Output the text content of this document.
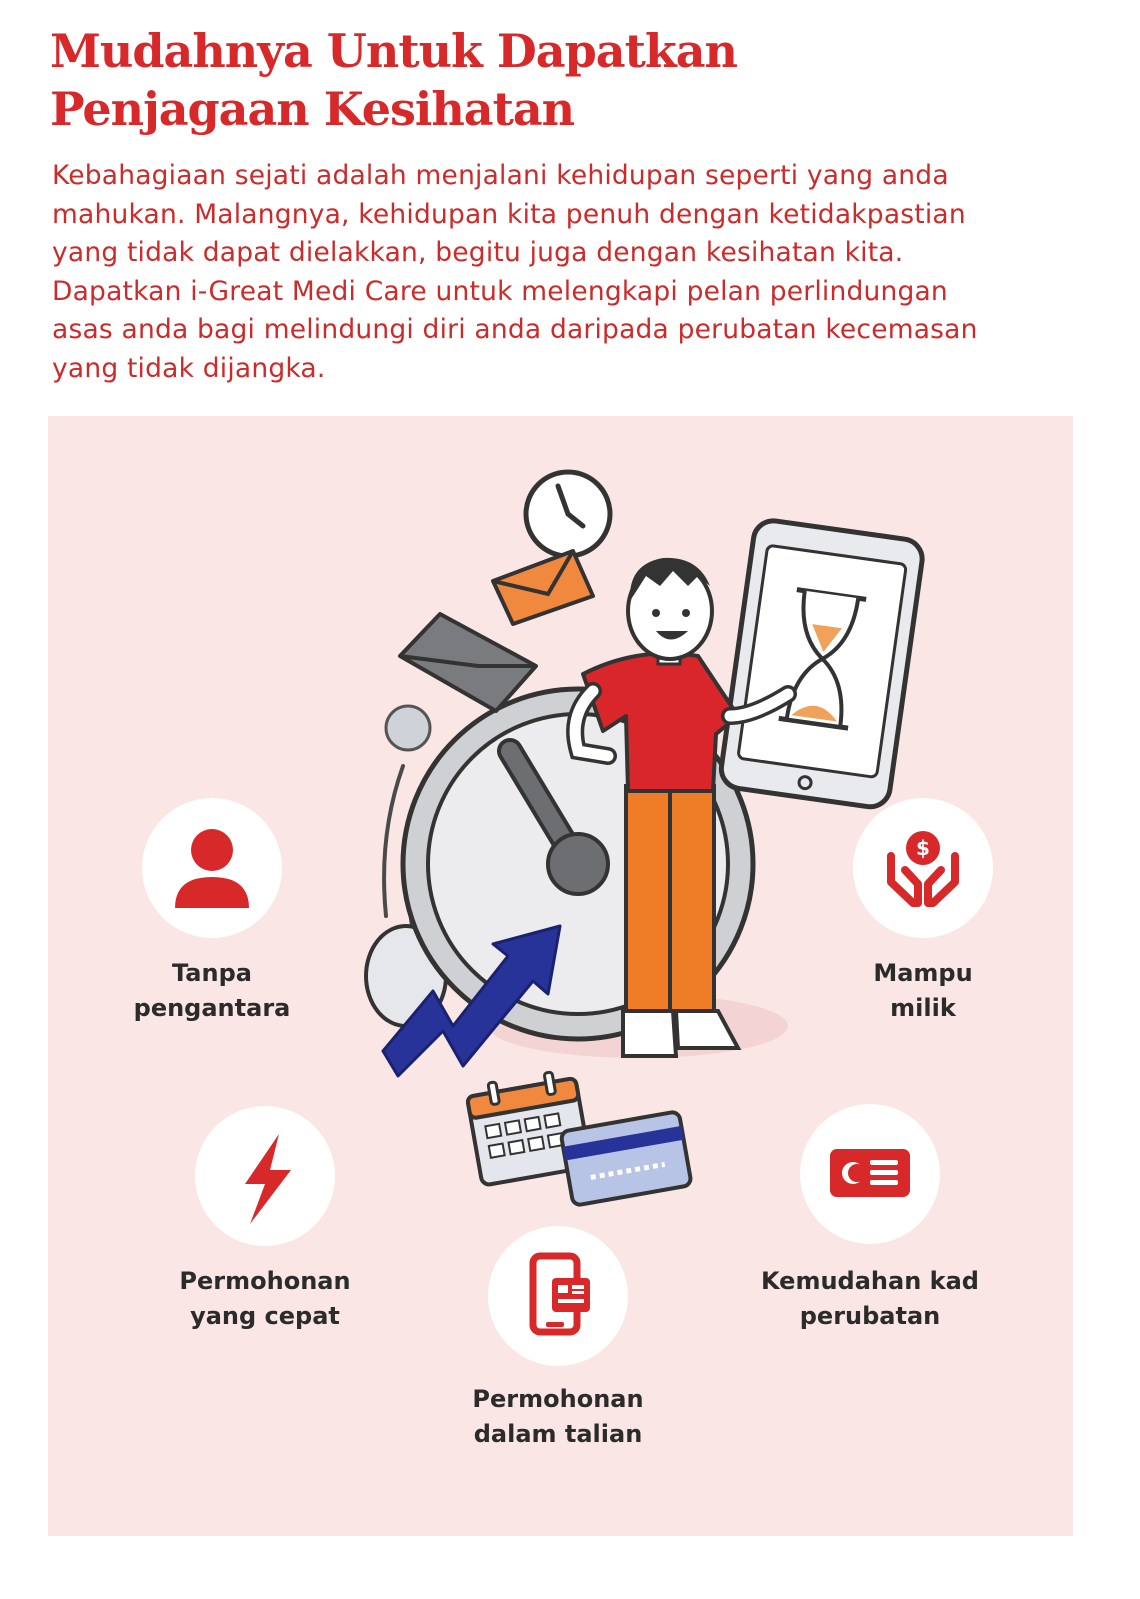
Mudahnya Untuk Dapatkan
Penjagaan Kesihatan

Kebahagiaan sejati adalah menjalani kehidupan seperti yang anda
mahukan. Malangnya, kehidupan kita penuh dengan ketidakpastian
yang tidak dapat dielakkan, begitu juga dengan kesihatan kita.
Dapatkan i-Great Medi Care untuk melengkapi pelan perlindungan
asas anda bagi melindungi diri anda daripada perubatan kecemasan
yang tidak dijangka.

Tanpa
pengantara
$
Mampu
milik
Permohonan
yang cepat
Kemudahan kad
perubatan
Permohonan
dalam talian
